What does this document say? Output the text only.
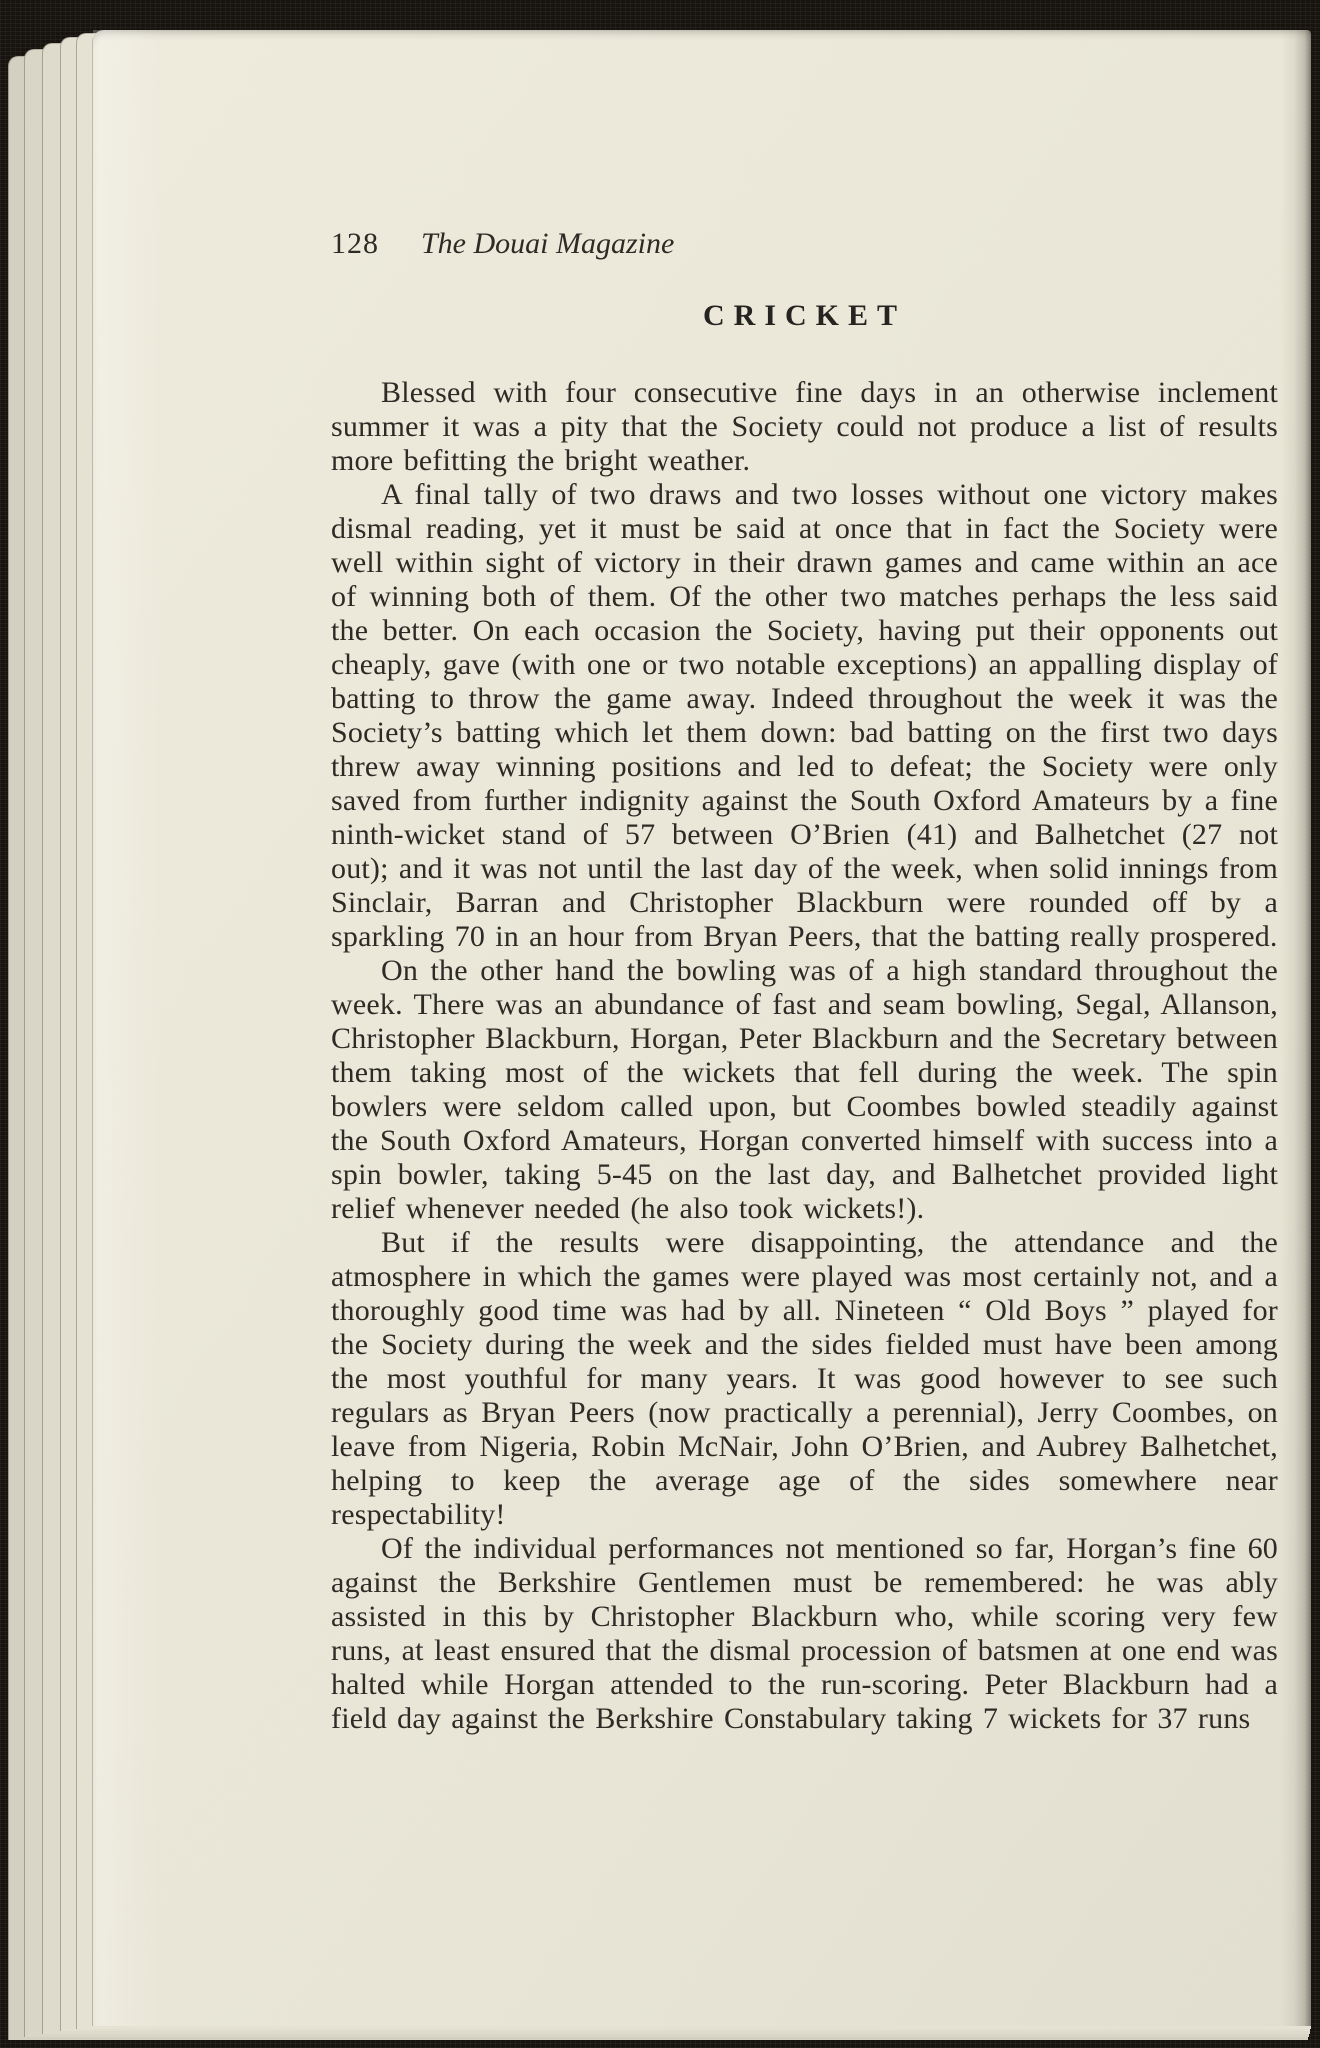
128 The Douai Magazine
CRICKET

Blessed with four consecutive fine days in an otherwise inclement summer it was a pity that the Society could not produce a list of results more befitting the bright weather.

A final tally of two draws and two losses without one victory makes dismal reading, yet it must be said at once that in fact the Society were well within sight of victory in their drawn games and came within an ace of winning both of them. Of the other two matches perhaps the less said the better. On each occasion the Society, having put their opponents out cheaply, gave (with one or two notable exceptions) an appalling display of batting to throw the game away. Indeed throughout the week it was the Society’s batting which let them down: bad batting on the first two days threw away winning positions and led to defeat; the Society were only saved from further indignity against the South Oxford Amateurs by a fine ninth-wicket stand of 57 between O’Brien (41) and Balhetchet (27 not out); and it was not until the last day of the week, when solid innings from Sinclair, Barran and Christopher Blackburn were rounded off by a sparkling 70 in an hour from Bryan Peers, that the batting really prospered.

On the other hand the bowling was of a high standard throughout the week. There was an abundance of fast and seam bowling, Segal, Allanson, Christopher Blackburn, Horgan, Peter Blackburn and the Secretary between them taking most of the wickets that fell during the week. The spin bowlers were seldom called upon, but Coombes bowled steadily against the South Oxford Amateurs, Horgan converted himself with success into a spin bowler, taking 5-45 on the last day, and Balhetchet provided light relief whenever needed (he also took wickets!).

But if the results were disappointing, the attendance and the atmosphere in which the games were played was most certainly not, and a thoroughly good time was had by all. Nineteen “ Old Boys ” played for the Society during the week and the sides fielded must have been among the most youthful for many years. It was good however to see such regulars as Bryan Peers (now practically a perennial), Jerry Coombes, on leave from Nigeria, Robin McNair, John O’Brien, and Aubrey Balhetchet, helping to keep the average age of the sides somewhere near respectability!

Of the individual performances not mentioned so far, Horgan’s fine 60 against the Berkshire Gentlemen must be remembered: he was ably assisted in this by Christopher Blackburn who, while scoring very few runs, at least ensured that the dismal procession of batsmen at one end was halted while Horgan attended to the run-scoring. Peter Blackburn had a field day against the Berkshire Constabulary taking 7 wickets for 37 runs
